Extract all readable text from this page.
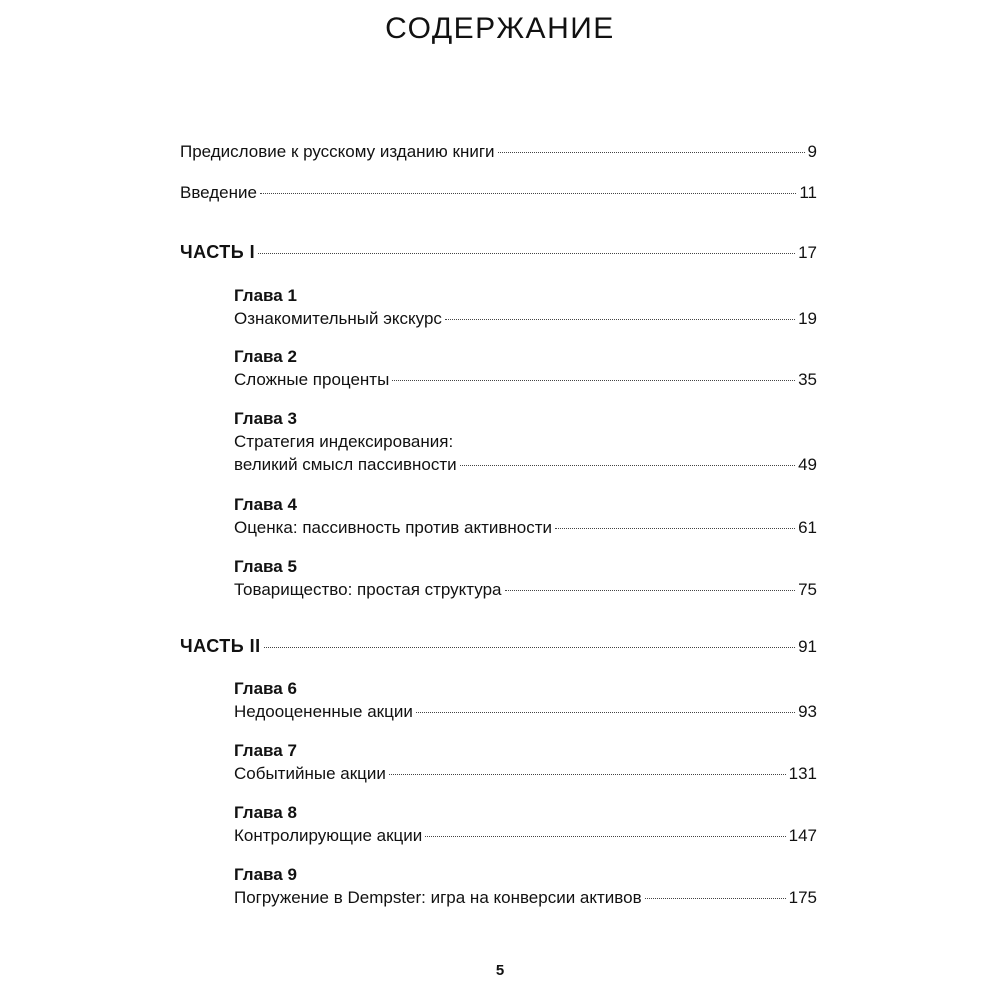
СОДЕРЖАНИЕ
Предисловие к русскому изданию книги	9
Введение	11
ЧАСТЬ I	17
Глава 1
Ознакомительный экскурс	19
Глава 2
Сложные проценты	35
Глава 3
Стратегия индексирования:
великий смысл пассивности	49
Глава 4
Оценка: пассивность против активности	61
Глава 5
Товарищество: простая структура	75
ЧАСТЬ II	91
Глава 6
Недооцененные акции	93
Глава 7
Событийные акции	131
Глава 8
Контролирующие акции	147
Глава 9
Погружение в Dempster: игра на конверсии активов	175
5
